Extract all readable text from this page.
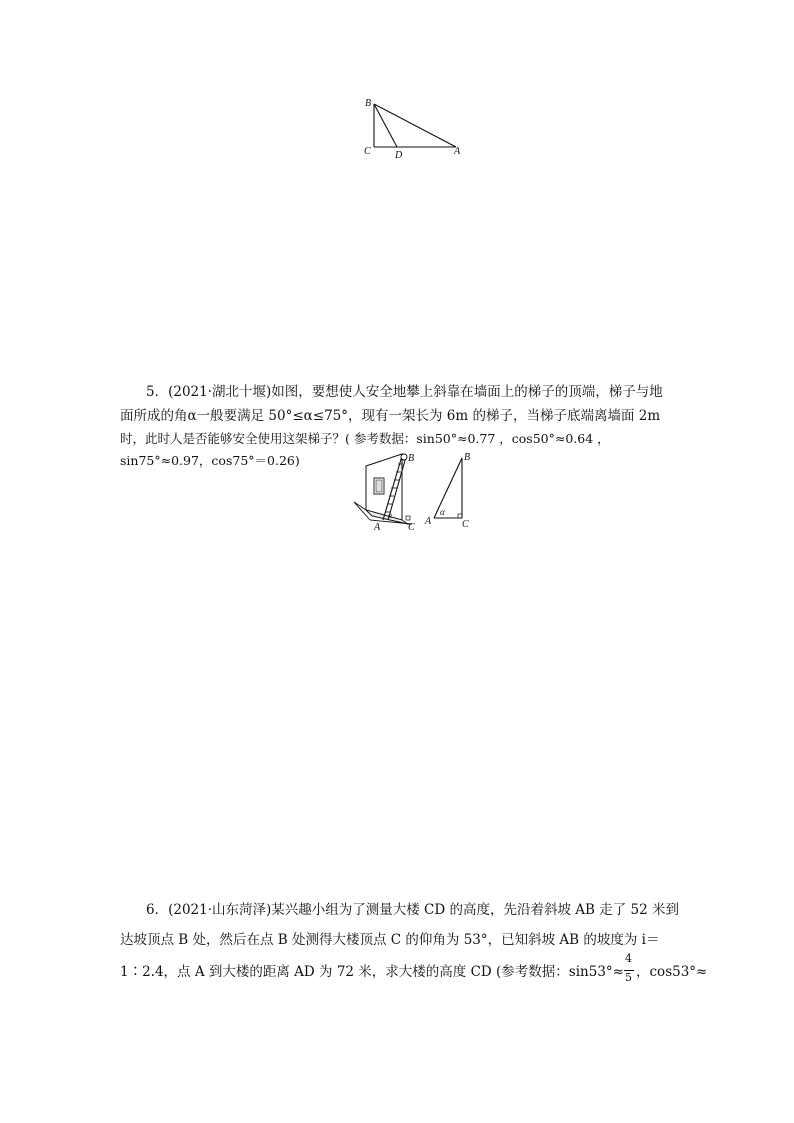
B
C D	A
5．(2021·湖北十堰)如图，要想使人安全地攀上斜靠在墙面上的梯子的顶端，梯子与地
面所成的角α一般要满足 50°≤α≤75°，现有一架长为 6m 的梯子，当梯子底端离墙面 2m
时，此时人是否能够安全使用这架梯子？( 参考数据：sin50°≈0.77 ，cos50°≈0.64 ，
sin75°≈0.97，cos75°＝0.26)	B
α
A	C
B
α
A	C
6．(2021·山东菏泽)某兴趣小组为了测量大楼 CD 的高度，先沿着斜坡 AB 走了 52 米到
达坡顶点 B 处，然后在点 B 处测得大楼顶点 C 的仰角为 53°，已知斜坡 AB 的坡度为 i＝
1∶2.4，点 A 到大楼的距离 AD 为 72 米，求大楼的高度 CD (参考数据：$\sin 53^\circ\approx \frac{4}{5}$ ，cos53°≈
